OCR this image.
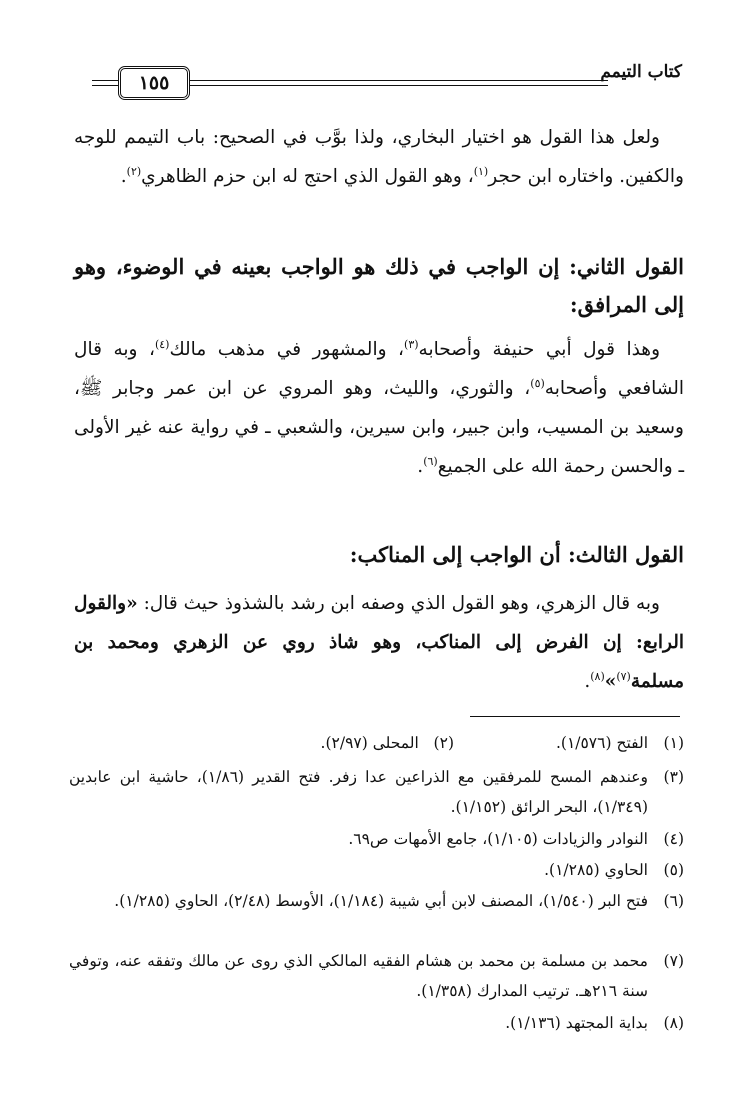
كتاب التيمم
١٥٥

ولعل هذا القول هو اختيار البخاري، ولذا بوَّب في الصحيح: باب التيمم للوجه والكفين. واختاره ابن حجر$^{(١)}$، وهو القول الذي احتج له ابن حزم الظاهري$^{(٢)}$.

القول الثاني: إن الواجب في ذلك هو الواجب بعينه في الوضوء، وهو إلى المرافق:

وهذا قول أبي حنيفة وأصحابه$^{(٣)}$، والمشهور في مذهب مالك$^{(٤)}$، وبه قال الشافعي وأصحابه$^{(٥)}$، والثوري، والليث، وهو المروي عن ابن عمر وجابر ﷺ، وسعيد بن المسيب، وابن جبير، وابن سيرين، والشعبي ـ في رواية عنه غير الأولى ـ والحسن رحمة الله على الجميع$^{(٦)}$.

القول الثالث: أن الواجب إلى المناكب:

وبه قال الزهري، وهو القول الذي وصفه ابن رشد بالشذوذ حيث قال: «والقول الرابع: إن الفرض إلى المناكب، وهو شاذ روي عن الزهري ومحمد بن مسلمة$^{(٧)}$»$^{(٨)}$.

(١)
الفتح (١/٥٧٦).
(٢)   المحلى (٢/٩٧).
(٣)
وعندهم المسح للمرفقين مع الذراعين عدا زفر. فتح القدير (١/٨٦)، حاشية ابن عابدين (١/٣٤٩)، البحر الرائق (١/١٥٢).
(٤)
النوادر والزيادات (١/١٠٥)، جامع الأمهات ص٦٩.
(٥)
الحاوي (١/٢٨٥).
(٦)
فتح البر (١/٥٤٠)، المصنف لابن أبي شيبة (١/١٨٤)، الأوسط (٢/٤٨)، الحاوي (١/٢٨٥).
(٧)
محمد بن مسلمة بن محمد بن هشام الفقيه المالكي الذي روى عن مالك وتفقه عنه، وتوفي سنة ٢١٦هـ. ترتيب المدارك (١/٣٥٨).
(٨)
بداية المجتهد (١/١٣٦).
